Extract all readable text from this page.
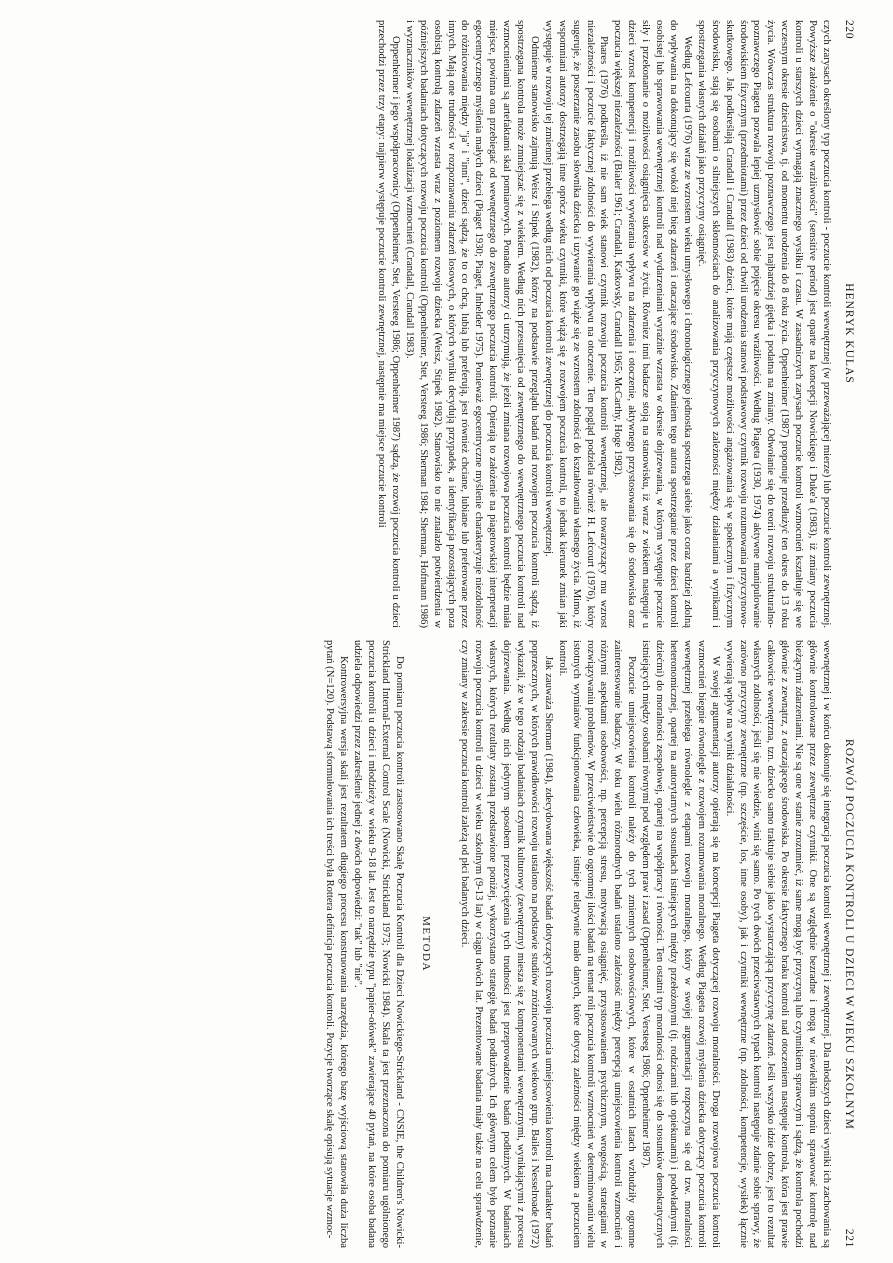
220
HENRYK KULAS

czych zarysach określony typ poczucia kontroli - poczucie kontroli wewnętrznej (w przeważającej mierze) lub poczucie kontroli zewnętrznej. Powyższe założenie o "okresie wrażliwości" (sensitive period) jest oparte na koncepcji Nowickiego i Duke'a (1983), iż zmiany poczucia kontroli u starszych dzieci wymagają znacznego wysiłku i czasu. W zasadniczych zarysach poczucie kontroli wzmocnień kształtuje się we wczesnym okresie dzieciństwa, tj. od momentu urodzenia do 8 roku życia. Oppenheimer (1987) proponuje przedłużyć ten okres do 13 roku życia. Wówczas struktura rozwoju poznawczego jest najbardziej giętka i podatna na zmiany. Odwołanie się do teorii rozwoju strukturalno-poznawczego Piageta pozwala lepiej uzmysłowić sobie pojęcie okresu wrażliwości. Według Piageta (1930, 1974) aktywne manipulowanie środowiskiem fizycznym (przedmiotami) przez dzieci od chwili urodzenia stanowi podstawowy czynnik rozwoju rozumowania przyczynowo-skutkowego. Jak podkreślają Crandall i Crandall (1983) dzieci, które mają częstsze możliwości angażowania się w społecznym i fizycznym środowisku, stają się osobami o silniejszych skłonnościach do analizowania przyczynowych zależności między działaniami a wynikami i spostrzegania własnych działań jako przyczyny osiągnięć.

Według Lefcourta (1976) wraz ze wzrostem wieku umysłowego i chronologicznego jednostka spostrzega siebie jako coraz bardziej zdolną do wpływania na dokonujący się wokół niej bieg zdarzeń i otaczające środowisko. Zdaniem tego autora spostrzeganie przez dzieci kontroli osobistej lub sprawowania wewnętrznej kontroli nad wydarzeniami wyraźnie wzrasta w okresie dojrzewania, w którym występuje poczucie siły i przekonanie o możliwości osiągnięcia sukcesów w życiu. Równiez inni badacze stoją na stanowisku, iż wraz z wiekiem następuje u dzieci wzrost kompetencji i możliwości wywierania wpływu na zdarzenia i otoczenie, aktywnego przystosowania się do środowiska oraz poczucia większej niezależności (Bialer 1961; Crandall, Katkovsky, Crandall 1965; McCarthy, Hoge 1982).

Phares (1976) podkreśla, iż nie sam wiek stanowi czynnik rozwoju poczucia kontroli wewnętrznej, ale towarzyszący mu wzrost niezależności i poczucie faktycznej zdolności do wywierania wpływu na otoczenie. Ten pogląd podziela również H. Lefcourt (1976), który sugeruje, że poszerzanie zasobu słownika dziecka i uzywanie go wiąże się ze wzrostem zdolności do kształtowania własnego życia. Mimo, iż wspomniani autorzy dostrzegają inne oprócz wieku czynniki, które wiążą się z rozwojem poczucia kontroli, to jednak kierunek zmian jaki występuje w rozwoju tej zmiennej przebiega według nich od poczucia kontroli zewnętrznej do poczucia kontroli wewnętrznej.

Odmienne stanowisko zajmują Weisz i Stipek (1982), którzy na podstawie przeglądu badań nad rozwojem poczucia kontroli sądzą, iż spostrzegana kontrola może zmniejszać się z wiekiem. Według nich przesunięcia od zewnętrznego do wewnętrznego poczucia kontroli nad wzmocnieniami są artefaktami skal pomiarowych. Ponadto autorzy ci utrzymują, że jeżeli zmiana rozwojowa poczucia kontroli będzie miała miejsce, powinna ona przebiegać od wewnętrznego do zewnętrznego poczucia kontroli. Opierają to założenie na piagetowskiej interpretacji egocentrycznego myślenia małych dzieci (Piaget 1930; Piaget, Inhelder 1975). Ponieważ egocentryczne myślenie charakteryzuje niezdolność do różnicowania między "ja" i "inni", dzieci sądzą, że to co chcą, lubią lub preferują, jest również chciane, lubiane lub preferowane przez innych. Mają one trudności w rozpoznawaniu zdarzeń losowych, o których wyniku decydują przypadek, a identyfikacja pozostających poza osobistą kontrolą zdarzeń wzrasta wraz z poziomem rozwoju dziecka (Weisz, Stipek 1982). Stanowisko to nie znalazło potwierdzenia w późniejszych badaniach dotyczących rozwoju poczucia kontroli (Oppenheimer, Stet, Versteeg 1986; Sherman 1984; Sherman, Hofmann 1986) i wyznaczników wewnętrznej lokalizacji wzmocnień (Crandall, Crandall 1983).

Oppenheimer i jego współpracownicy (Oppenheimer, Stet, Versteeg 1986; Oppenheimer 1987) sądzą, że rozwój poczucia kontroli u dzieci przechodzi przez trzy etapy: najpierw występuje poczucie kontroli zewnętrznej, następnie ma miejsce poczucie kontroli

ROZWÓJ POCZUCIA KONTROLI U DZIECI W WIEKU SZKOLNYM
221

wewnętrznej i w końcu dokonuje się integracja poczucia kontroli wewnętrznej i zewnętrznej. Dla młodszych dzieci wyniki ich zachowania są głównie kontrolowane przez zewnętrzne czynniki. One są względnie bezradne i mogą w niewielkim stopniu sprawować kontrolę nad bieżącymi zdarzeniami. Nie są one w stanie zrozumieć, iż same mogą być przyczyną lub czynnikiem sprawczym i sądzą, że kontrola pochodzi głównie z zewnątrz, z otaczającego środowiska. Po okresie faktycznego braku kontroli nad otoczeniem następuje kontrola, która jest prawie całkowicie wewnętrzna, tzn. dziecko samo traktuje siebie jako wystarczającą przyczynę zdarzeń. Jeśli wszystko idzie dobrze, jest to rezultat własnych zdolności, jeśli się nie wiedzie, wini się samo. Po tych dwóch przeciwstawnych typach kontroli następuje zdanie sobie sprawy, że zarówno przyczyny zewnętrzne (np. szczęście, los, inne osoby), jak i czynniki wewnętrzne (np. zdolności, kompetencje, wysiłek) łącznie wywierają wpływ na wyniki działalności.

W swojej argumentacji autorzy opierają się na koncepcji Piageta dotyczącej rozwoju moralności. Droga rozwojowa poczucia kontroli wzmocnień biegnie równolegle z rozwojem rozumowania moralnego. Według Piageta rozwój myślenia dziecka dotyczący poczucia kontroli wewnętrznej przebiega równolegle z etapami rozwoju moralnego, który w swojej argumentacji rozpoczyna się od tzw. moralności heteronomicznej, opartej na autorytarnych stosunkach istniejących między przełożonymi (tj. rodzicami lub opiekunami) i podwładnymi (tj. dziećmi) do moralności zespołowej, opartej na współpracy i równości. Ten ostatni typ moralności odnosi się do stosunków demokratycznych istniejących między osobami równymi pod względem praw i zasad (Oppenheimer, Stet, Versteeg 1986; Oppenheimer 1987).

Poczucie umiejscowienia kontroli należy do tych zmiennych osobowościowych, które w ostatnich latach wzbudziły ogromne zainteresowanie badaczy. W toku wielu różnorodnych badań ustalono zależność między percepcją umiejscowienia kontroli wzmocnień i różnymi aspektami osobowości, np. percepcją stresu, motywacją osiągnięć, przystosowaniem psychicznym, wrogością, strategiami w rozwiązywaniu problemów. W przeciwieństwie do ogromnej ilości badań na temat roli poczucia kontroli wzmocnień w determinowaniu wielu istotnych wymiarów funkcjonowania człowieka, istnieje relatywnie mało danych, które dotyczą zależności między wiekiem a poczuciem kontroli.

Jak zauważa Sherman (1984), zdecydowana większość badań dotyczących rozwoju poczucia umiejscowienia kontroli ma charakter badań poprzecznych, w których prawidłowości rozwoju ustalono na podstawie studiów zróżnicowanych wiekowo grup. Bailes i Nesselroade (1972) wykazali, że w tego rodzaju badaniach czynnik kulturowy (zewnętrzny) miesza się z komponentami wewnętrznymi, wynikającymi z procesu dojrzewania. Według nich jedynym sposobem przezwyciężenia tych trudności jest przeprowadzenie badań podłużnych. W badaniach własnych, których rezultaty zostaną przedstawione poniżej, wykorzystano strategię badań podłużnych. Ich głównym celem było poznanie rozwoju poczucia kontroli u dzieci w wieku szkolnym (9-13 lat) w ciągu dwóch lat. Prezentowane badania miały także na celu sprawdzenie, czy zmiany w zakresie poczucia kontroli zależą od płci badanych dzieci.

METODA

Do pomiaru poczucia kontroli zastosowano Skalę Poczucia Kontroli dla Dzieci Nowickiego-Strickland - CNSIE, the Children's Nowicki-Strickland Internal-External Control Scale (Nowicki, Strickland 1973; Nowicki 1984). Skala ta jest przeznaczona do pomiaru ugólnionego poczucia kontroli u dzieci i młodzieży w wieku 9-18 lat. Jest to narzędzie typu "papier-ołówek" zawierające 40 pytań, na które osoba badana udziela odpowiedzi przez zakreślenie jednej z dwóch odpowiedzi: "tak" lub "nie".

Kontrowersyjna wersja skali jest rezultatem długiego procesu konstruowania narzędzia, którego bazę wyjściową stanowiła duża liczba pytań (N=120). Podstawą sformułowania ich treści była Rottera definicja poczucia kontroli. Pozycje tworzące skalę opisują sytuacje wzmoc-
